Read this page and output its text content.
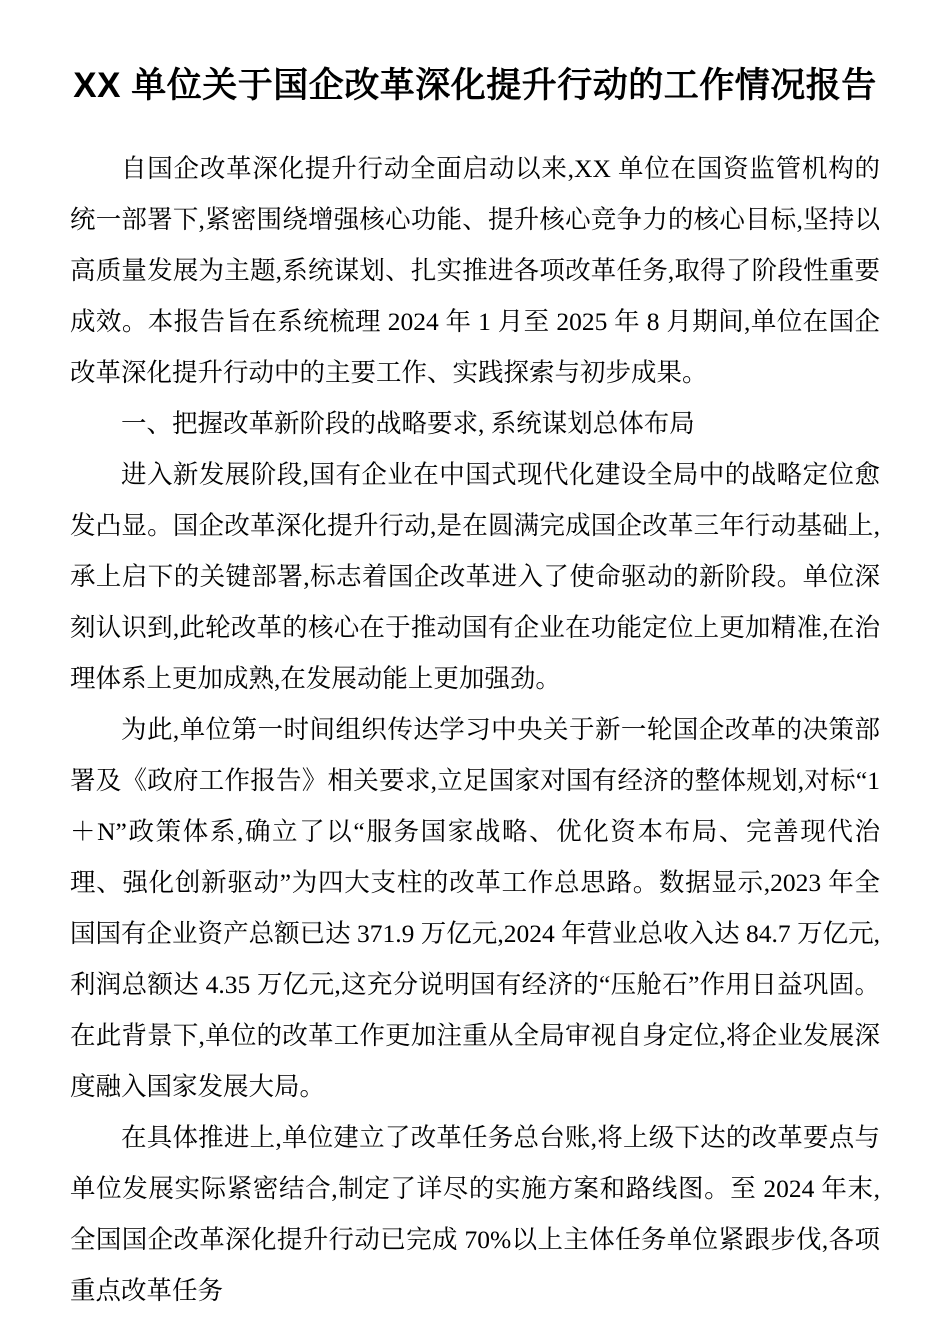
XX 单位关于国企改革深化提升行动的工作情况报告

自国企改革深化提升行动全面启动以来,XX 单位在国资监管机构的统一部署下,紧密围绕增强核心功能、提升核心竞争力的核心目标,坚持以高质量发展为主题,系统谋划、扎实推进各项改革任务,取得了阶段性重要成效。本报告旨在系统梳理 2024 年 1 月至 2025 年 8 月期间,单位在国企改革深化提升行动中的主要工作、实践探索与初步成果。

一、把握改革新阶段的战略要求, 系统谋划总体布局

进入新发展阶段,国有企业在中国式现代化建设全局中的战略定位愈发凸显。国企改革深化提升行动,是在圆满完成国企改革三年行动基础上,承上启下的关键部署,标志着国企改革进入了使命驱动的新阶段。单位深刻认识到,此轮改革的核心在于推动国有企业在功能定位上更加精准,在治理体系上更加成熟,在发展动能上更加强劲。

为此,单位第一时间组织传达学习中央关于新一轮国企改革的决策部署及《政府工作报告》相关要求,立足国家对国有经济的整体规划,对标“1＋N”政策体系,确立了以“服务国家战略、优化资本布局、完善现代治理、强化创新驱动”为四大支柱的改革工作总思路。数据显示,2023 年全国国有企业资产总额已达 371.9 万亿元,2024 年营业总收入达 84.7 万亿元,利润总额达 4.35 万亿元,这充分说明国有经济的“压舱石”作用日益巩固。在此背景下,单位的改革工作更加注重从全局审视自身定位,将企业发展深度融入国家发展大局。

在具体推进上,单位建立了改革任务总台账,将上级下达的改革要点与单位发展实际紧密结合,制定了详尽的实施方案和路线图。至 2024 年末,全国国企改革深化提升行动已完成 70%以上主体任务单位紧跟步伐,各项重点改革任务
